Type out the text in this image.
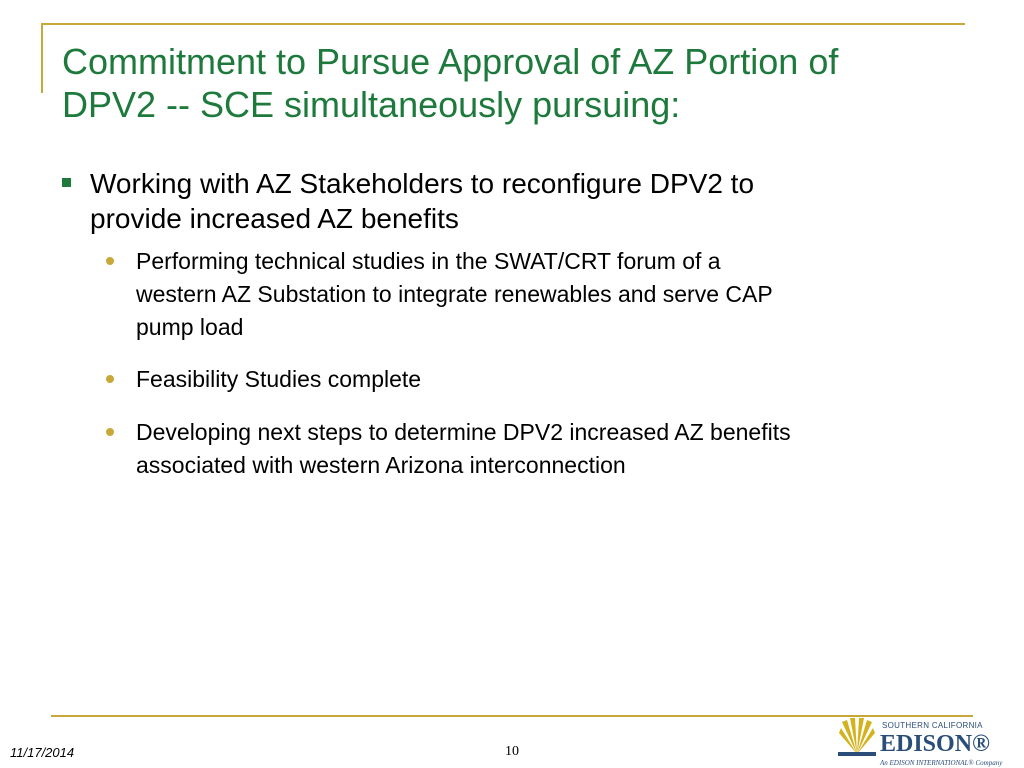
Commitment to Pursue Approval of AZ Portion of
DPV2 -- SCE simultaneously pursuing:
Working with AZ Stakeholders to reconfigure DPV2 to
provide increased AZ benefits
Performing technical studies in the SWAT/CRT forum of a
western AZ Substation to integrate renewables and serve CAP
pump load
Feasibility Studies complete
Developing next steps to determine DPV2 increased AZ benefits
associated with western Arizona interconnection
11/17/2014	10
SOUTHERN CALIFORNIA
EDISON®
An EDISON INTERNATIONAL® Company
